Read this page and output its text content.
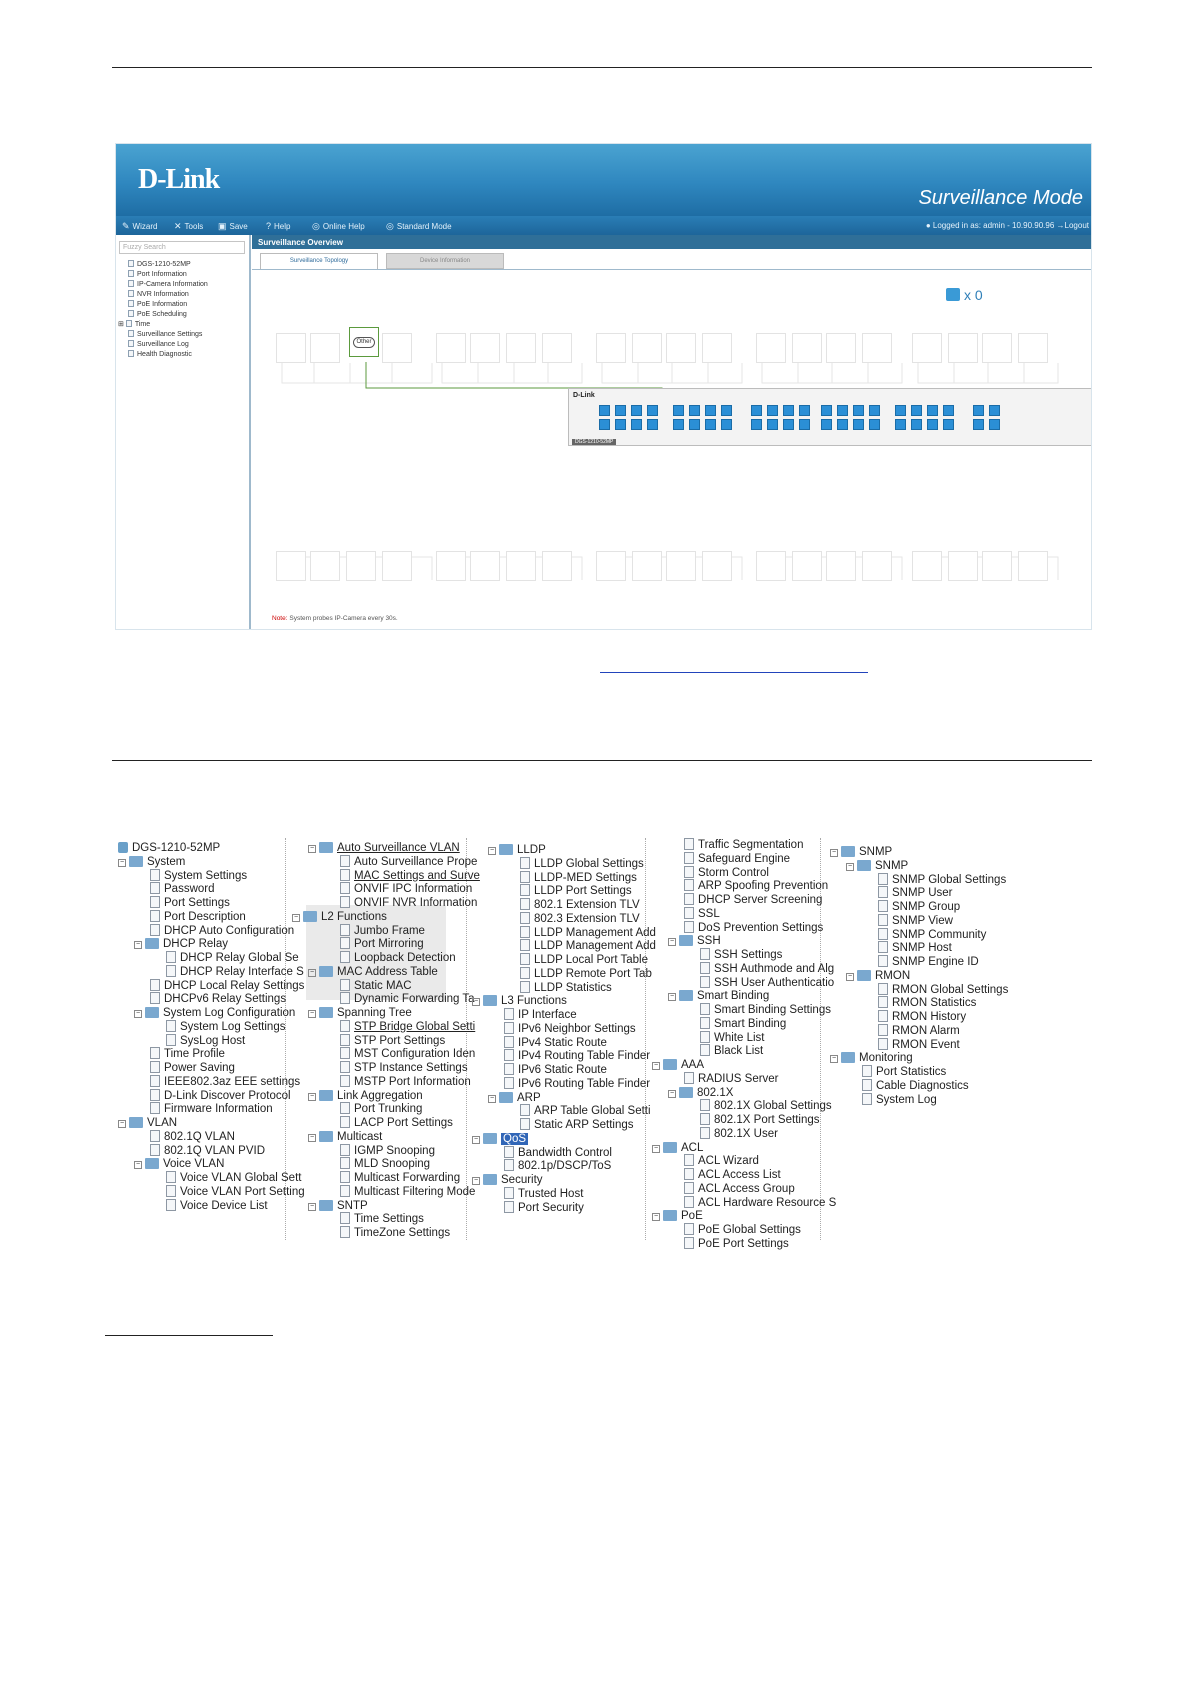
D-Link
Surveillance Mode
✎ Wizard ✕ Tools ▣ Save ? Help ◎ Online Help ◎ Standard Mode	● Logged in as: admin - 10.90.90.96 →Logout
Fuzzy Search
DGS-1210-52MP
Port Information
IP-Camera Information
NVR Information
PoE Information
PoE Scheduling
⊞ Time
Surveillance Settings
Surveillance Log
Health Diagnostic
Surveillance Overview
Surveillance Topology	Device Information
x 0
Other
D-Link
DGS-1210-52MP
Note: System probes IP-Camera every 30s.
DGS-1210-52MP
− System
System Settings
Password
Port Settings
Port Description
DHCP Auto Configuration
− DHCP Relay
DHCP Relay Global Se
DHCP Relay Interface S
DHCP Local Relay Settings
DHCPv6 Relay Settings
− System Log Configuration
System Log Settings
SysLog Host
Time Profile
Power Saving
IEEE802.3az EEE settings
D-Link Discover Protocol
Firmware Information
− VLAN
802.1Q VLAN
802.1Q VLAN PVID
− Voice VLAN
Voice VLAN Global Sett
Voice VLAN Port Setting
Voice Device List
− Auto Surveillance VLAN
Auto Surveillance Prope
MAC Settings and Surve
ONVIF IPC Information
ONVIF NVR Information
− L2 Functions
Jumbo Frame
Port Mirroring
Loopback Detection
− MAC Address Table
Static MAC
Dynamic Forwarding Ta
− Spanning Tree
STP Bridge Global Setti
STP Port Settings
MST Configuration Iden
STP Instance Settings
MSTP Port Information
− Link Aggregation
Port Trunking
LACP Port Settings
− Multicast
IGMP Snooping
MLD Snooping
Multicast Forwarding
Multicast Filtering Mode
− SNTP
Time Settings
TimeZone Settings
− LLDP
LLDP Global Settings
LLDP-MED Settings
LLDP Port Settings
802.1 Extension TLV
802.3 Extension TLV
LLDP Management Add
LLDP Management Add
LLDP Local Port Table
LLDP Remote Port Tab
LLDP Statistics
− L3 Functions
IP Interface
IPv6 Neighbor Settings
IPv4 Static Route
IPv4 Routing Table Finder
IPv6 Static Route
IPv6 Routing Table Finder
− ARP
ARP Table Global Setti
Static ARP Settings
− QoS
Bandwidth Control
802.1p/DSCP/ToS
− Security
Trusted Host
Port Security
Traffic Segmentation
Safeguard Engine
Storm Control
ARP Spoofing Prevention
DHCP Server Screening
SSL
DoS Prevention Settings
− SSH
SSH Settings
SSH Authmode and Alg
SSH User Authenticatio
− Smart Binding
Smart Binding Settings
Smart Binding
White List
Black List
− AAA
RADIUS Server
− 802.1X
802.1X Global Settings
802.1X Port Settings
802.1X User
− ACL
ACL Wizard
ACL Access List
ACL Access Group
ACL Hardware Resource S
− PoE
PoE Global Settings
PoE Port Settings
− SNMP
− SNMP
SNMP Global Settings
SNMP User
SNMP Group
SNMP View
SNMP Community
SNMP Host
SNMP Engine ID
− RMON
RMON Global Settings
RMON Statistics
RMON History
RMON Alarm
RMON Event
− Monitoring
Port Statistics
Cable Diagnostics
System Log
